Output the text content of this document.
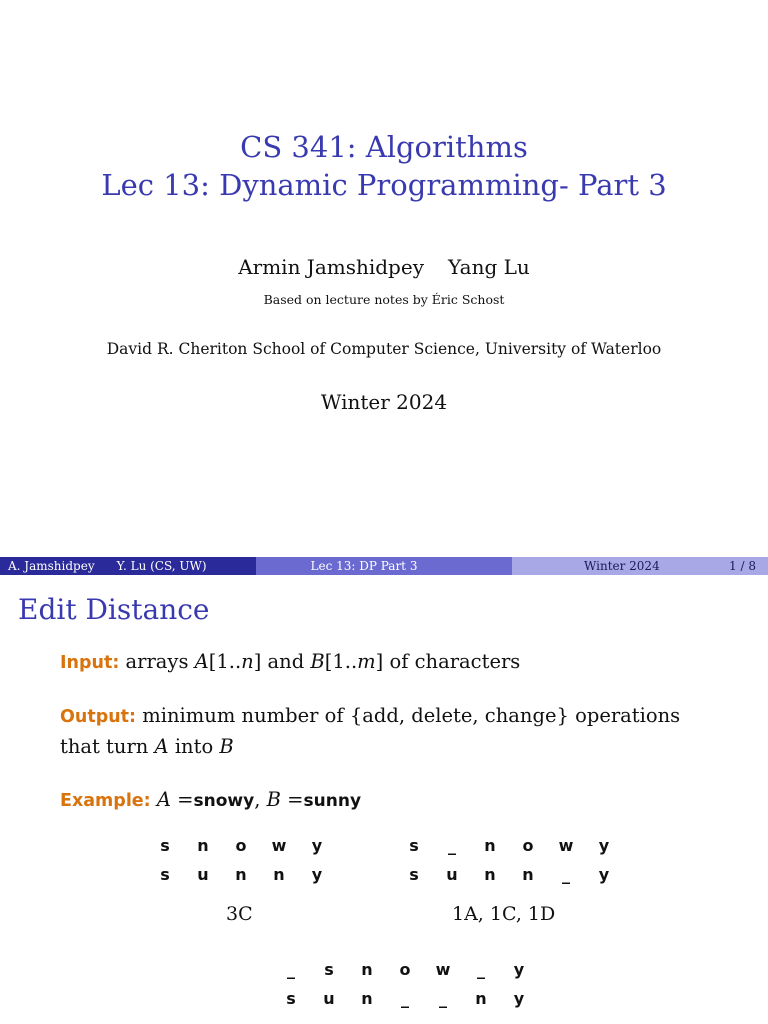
CS 341: Algorithms
Lec 13: Dynamic Programming- Part 3
Armin Jamshidpey Yang Lu
Based on lecture notes by Éric Schost
David R. Cheriton School of Computer Science, University of Waterloo
Winter 2024
A. Jamshidpey Y. Lu (CS, UW)	Lec 13: DP Part 3	Winter 2024	1 / 8
Edit Distance
Input: arrays A[1..n] and B[1..m] of characters
Output: minimum number of {add, delete, change} operations
that turn A into B
Example: A =snowy, B =sunny
s	n	o	w	y
s	u	n	n	y
3C
s	_	n	o	w	y
s	u	n	n	_	y
1A, 1C, 1D
_	s	n	o	w	_	y
s	u	n	_	_	n	y
